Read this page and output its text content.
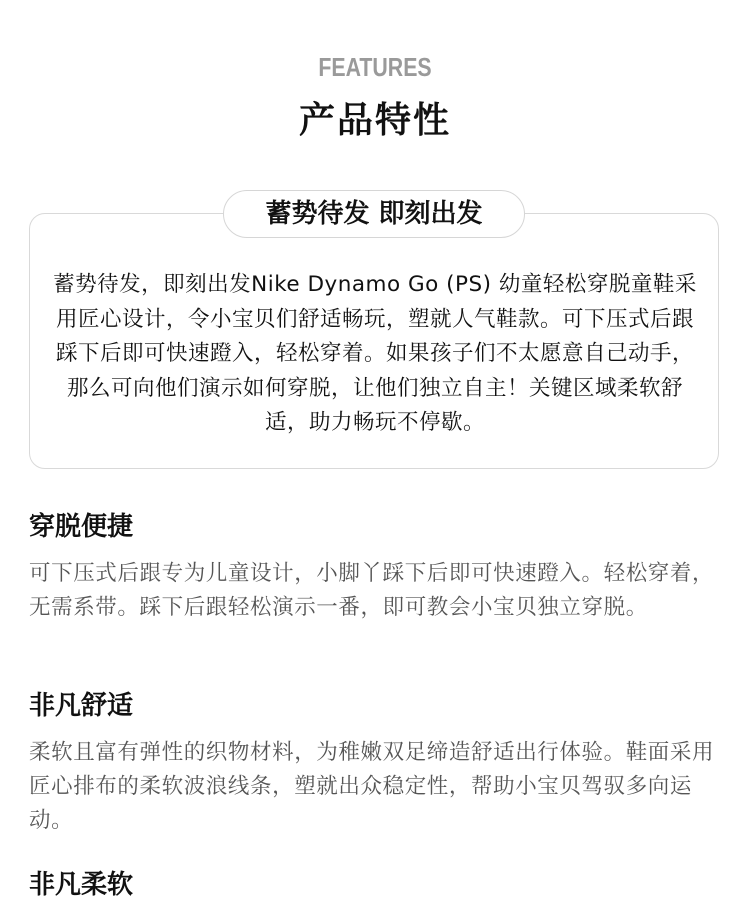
FEATURES
产品特性
蓄势待发 即刻出发
蓄势待发，即刻出发Nike Dynamo Go (PS) 幼童轻松穿脱童鞋采用匠心设计，令小宝贝们舒适畅玩，塑就人气鞋款。可下压式后跟踩下后即可快速蹬入，轻松穿着。如果孩子们不太愿意自己动手，那么可向他们演示如何穿脱，让他们独立自主！关键区域柔软舒适，助力畅玩不停歇。
穿脱便捷
可下压式后跟专为儿童设计，小脚丫踩下后即可快速蹬入。轻松穿着，无需系带。踩下后跟轻松演示一番，即可教会小宝贝独立穿脱。
非凡舒适
柔软且富有弹性的织物材料，为稚嫩双足缔造舒适出行体验。鞋面采用匠心排布的柔软波浪线条，塑就出众稳定性，帮助小宝贝驾驭多向运动。
非凡柔软
